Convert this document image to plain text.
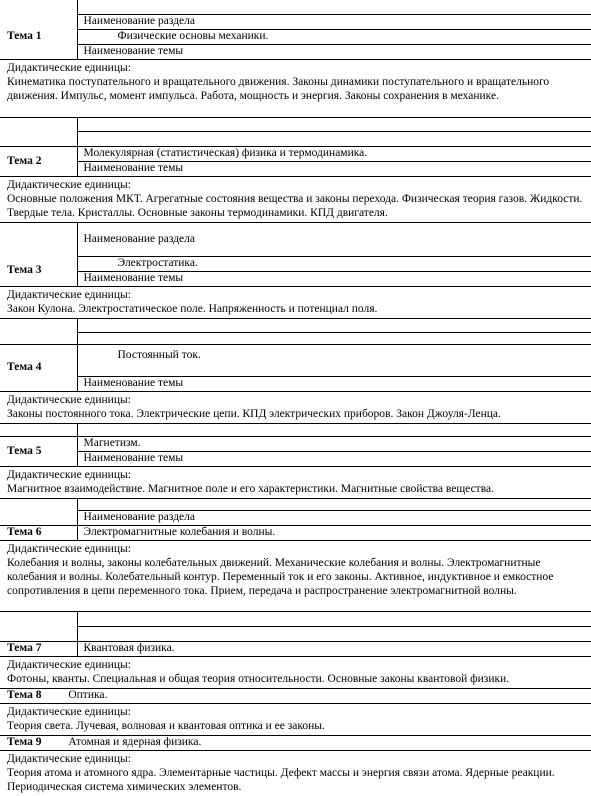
Тема 1	Наименование раздела
	Физические основы механики.
	Наименование темы

Дидактические единицы:
Кинематика поступательного и вращательного движения. Законы динамики поступательного и вращательного движения. Импульс, момент импульса. Работа, мощность и энергия. Законы сохранения в механике.	

Тема 2	Молекулярная (статистическая) физика и термодинамика.
	Наименование темы

Дидактические единицы:
Основные положения МКТ. Агрегатные состояния вещества и законы перехода. Физическая теория газов. Жидкости. Твердые тела. Кристаллы. Основные законы термодинамики. КПД двигателя.	

	Наименование раздела
Тема 3	Электростатика.
	Наименование темы

Дидактические единицы:
Закон Кулона. Электростатическое поле. Напряженность и потенциал поля.	

Тема 4	Постоянный ток.
	Наименование темы

Дидактические единицы:
Законы постоянного тока. Электрические цепи. КПД электрических приборов. Закон Джоуля-Ленца.	

Тема 5	Магнетизм.
	Наименование темы

Дидактические единицы:
Магнитное взаимодействие. Магнитное поле и его характеристики. Магнитные свойства вещества.	

	Наименование раздела
Тема 6	Электромагнитные колебания и волны.

Дидактические единицы:
Колебания и волны, законы колебательных движений. Механические колебания и волны. Электромагнитные колебания и волны. Колебательный контур. Переменный ток и его законы. Активное, индуктивное и емкостное сопротивления в цепи переменного тока. Прием, передача и распространение электромагнитной волны.	

Тема 7	Квантовая физика.

Дидактические единицы:
Фотоны, кванты. Специальная и общая теория относительности. Основные законы квантовой физики.	

Тема 8 Оптика.	

Дидактические единицы:
Теория света. Лучевая, волновая и квантовая оптика и ее законы.	

Тема 9 Атомная и ядерная физика.	

Дидактические единицы:
Теория атома и атомного ядра. Элементарные частицы. Дефект массы и энергия связи атома. Ядерные реакции. Периодическая система химических элементов.	
